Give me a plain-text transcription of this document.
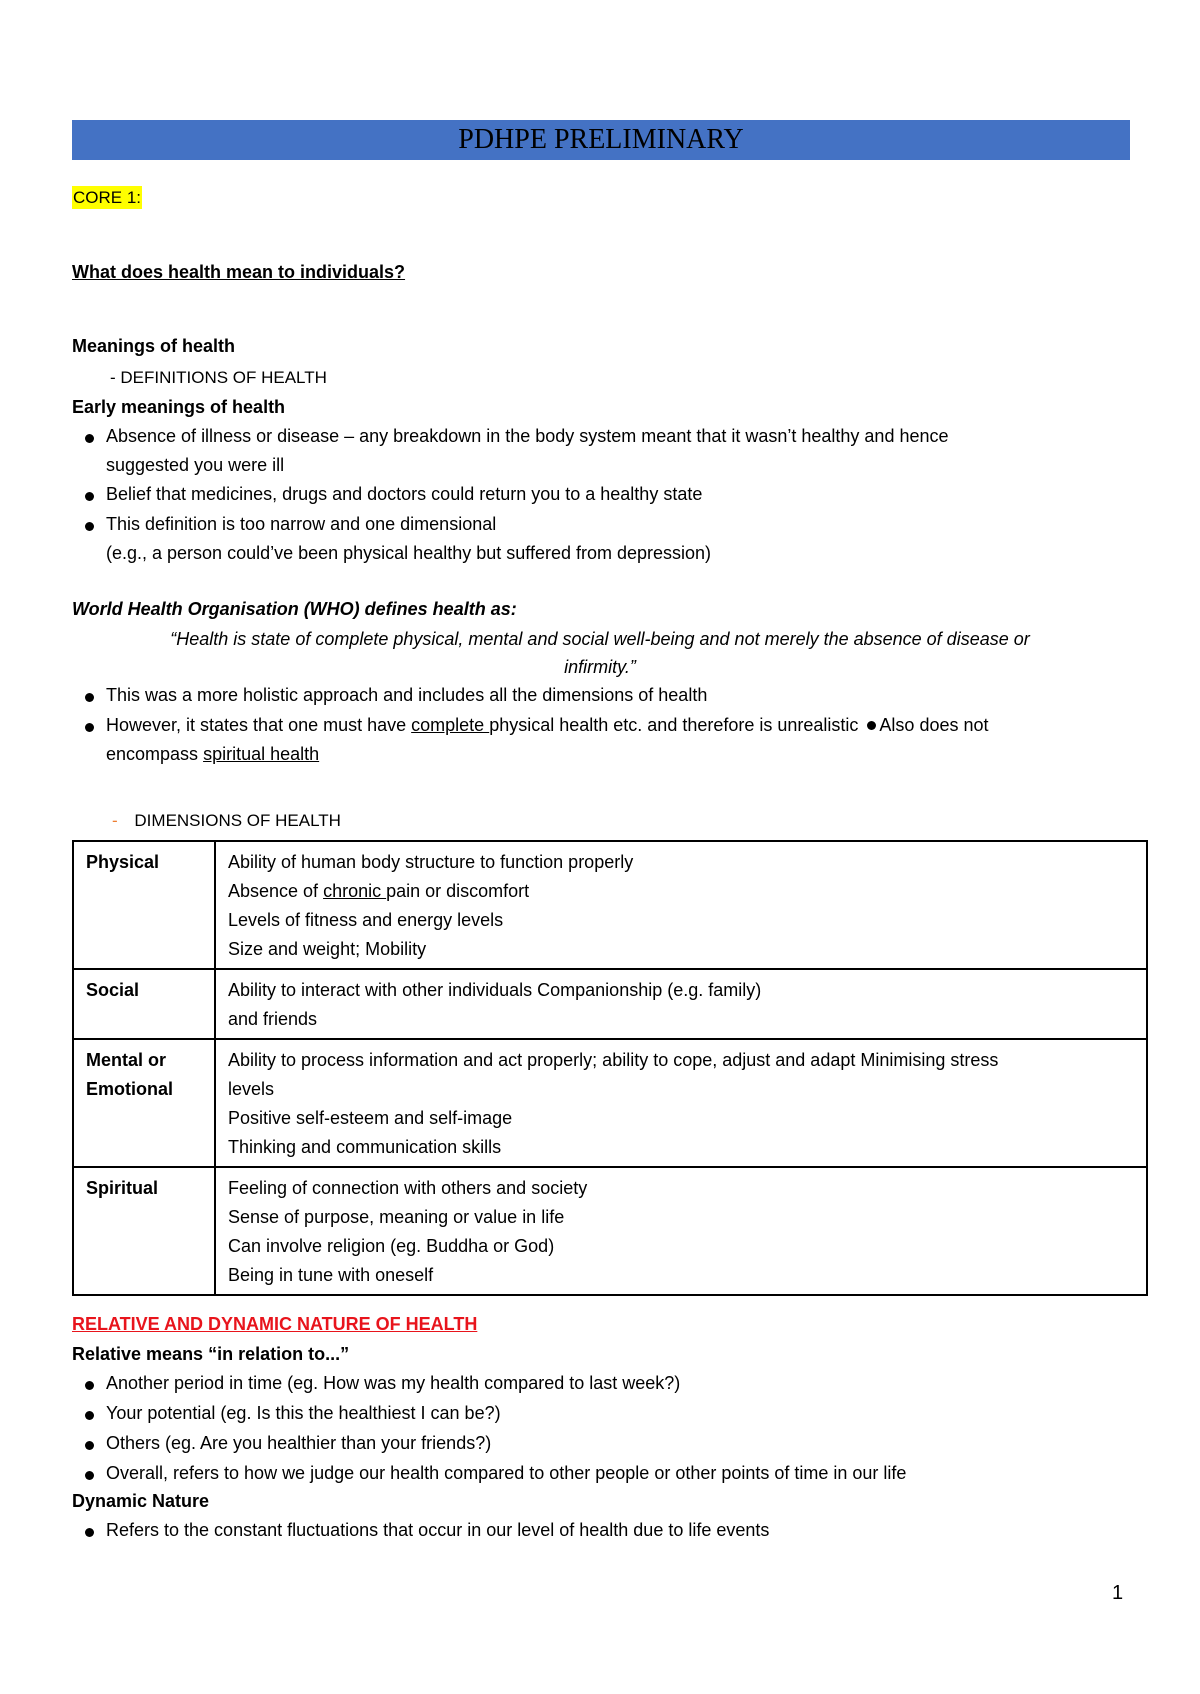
PDHPE PRELIMINARY
CORE 1:
What does health mean to individuals?
Meanings of health
- DEFINITIONS OF HEALTH
Early meanings of health
Absence of illness or disease – any breakdown in the body system meant that it wasn’t healthy and hence
suggested you were ill
Belief that medicines, drugs and doctors could return you to a healthy state
This definition is too narrow and one dimensional
(e.g., a person could’ve been physical healthy but suffered from depression)
World Health Organisation (WHO) defines health as:
“Health is state of complete physical, mental and social well-being and not merely the absence of disease or
infirmity.”
This was a more holistic approach and includes all the dimensions of health
However, it states that one must have complete physical health etc. and therefore is unrealistic Also does not
encompass spiritual health
- DIMENSIONS OF HEALTH
Physical	Ability of human body structure to function properly
Absence of chronic pain or discomfort
Levels of fitness and energy levels
Size and weight; Mobility

Social	Ability to interact with other individuals Companionship (e.g. family)
and friends

Mental or
Emotional	Ability to process information and act properly; ability to cope, adjust and adapt Minimising stress
levels
Positive self-esteem and self-image
Thinking and communication skills

Spiritual	Feeling of connection with others and society
Sense of purpose, meaning or value in life
Can involve religion (eg. Buddha or God)
Being in tune with oneself
RELATIVE AND DYNAMIC NATURE OF HEALTH
Relative means “in relation to...”
Another period in time (eg. How was my health compared to last week?)
Your potential (eg. Is this the healthiest I can be?)
Others (eg. Are you healthier than your friends?)
Overall, refers to how we judge our health compared to other people or other points of time in our life
Dynamic Nature
Refers to the constant fluctuations that occur in our level of health due to life events
1
